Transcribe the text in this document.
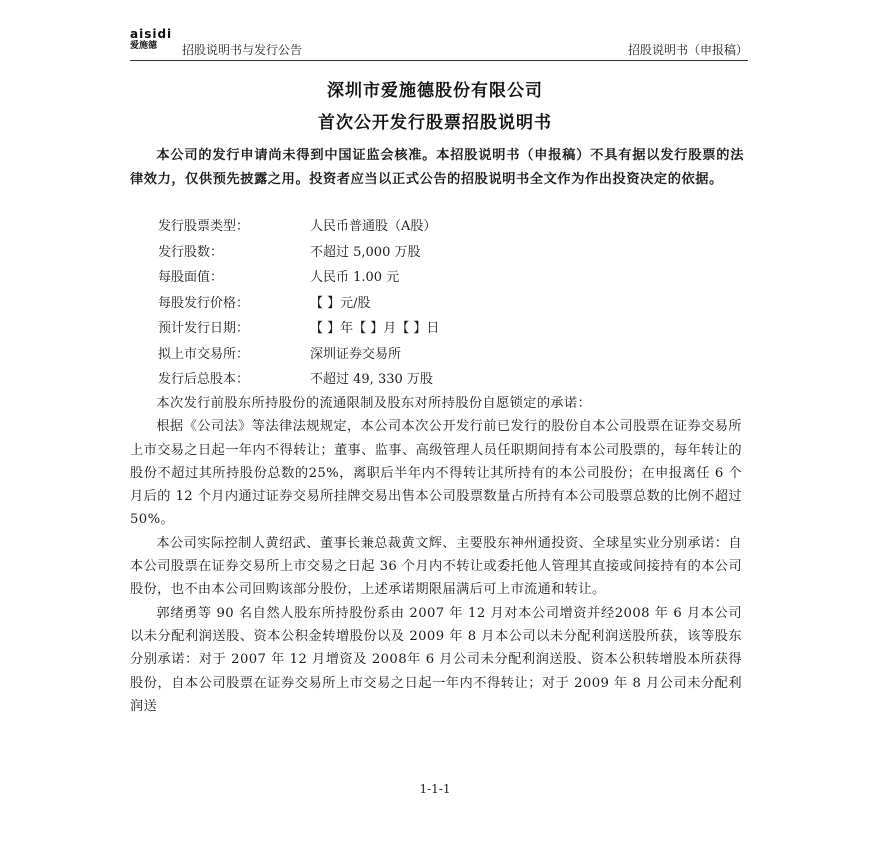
aisidi
爱施德	招股说明书与发行公告	招股说明书（申报稿）
深圳市爱施德股份有限公司
首次公开发行股票招股说明书
本公司的发行申请尚未得到中国证监会核准。本招股说明书（申报稿）不具有据以发行股票的法律效力，仅供预先披露之用。投资者应当以正式公告的招股说明书全文作为作出投资决定的依据。
发行股票类型：	人民币普通股（A股）
发行股数：	不超过 5,000 万股
每股面值：	人民币 1.00 元
每股发行价格：	【 】元/股
预计发行日期：	【 】年【 】月【 】日
拟上市交易所：	深圳证券交易所
发行后总股本：	不超过 49, 330 万股

本次发行前股东所持股份的流通限制及股东对所持股份自愿锁定的承诺：

根据《公司法》等法律法规规定，本公司本次公开发行前已发行的股份自本公司股票在证券交易所上市交易之日起一年内不得转让；董事、监事、高级管理人员任职期间持有本公司股票的，每年转让的股份不超过其所持股份总数的25%，离职后半年内不得转让其所持有的本公司股份；在申报离任 6 个月后的 12 个月内通过证券交易所挂牌交易出售本公司股票数量占所持有本公司股票总数的比例不超过 50%。

本公司实际控制人黄绍武、董事长兼总裁黄文辉、主要股东神州通投资、全球星实业分别承诺：自本公司股票在证券交易所上市交易之日起 36 个月内不转让或委托他人管理其直接或间接持有的本公司股份，也不由本公司回购该部分股份，上述承诺期限届满后可上市流通和转让。

郭绪勇等 90 名自然人股东所持股份系由 2007 年 12 月对本公司增资并经2008 年 6 月本公司以未分配利润送股、资本公积金转增股份以及 2009 年 8 月本公司以未分配利润送股所获，该等股东分别承诺：对于 2007 年 12 月增资及 2008年 6 月公司未分配利润送股、资本公积转增股本所获得股份，自本公司股票在证券交易所上市交易之日起一年内不得转让；对于 2009 年 8 月公司未分配利润送

1-1-1
